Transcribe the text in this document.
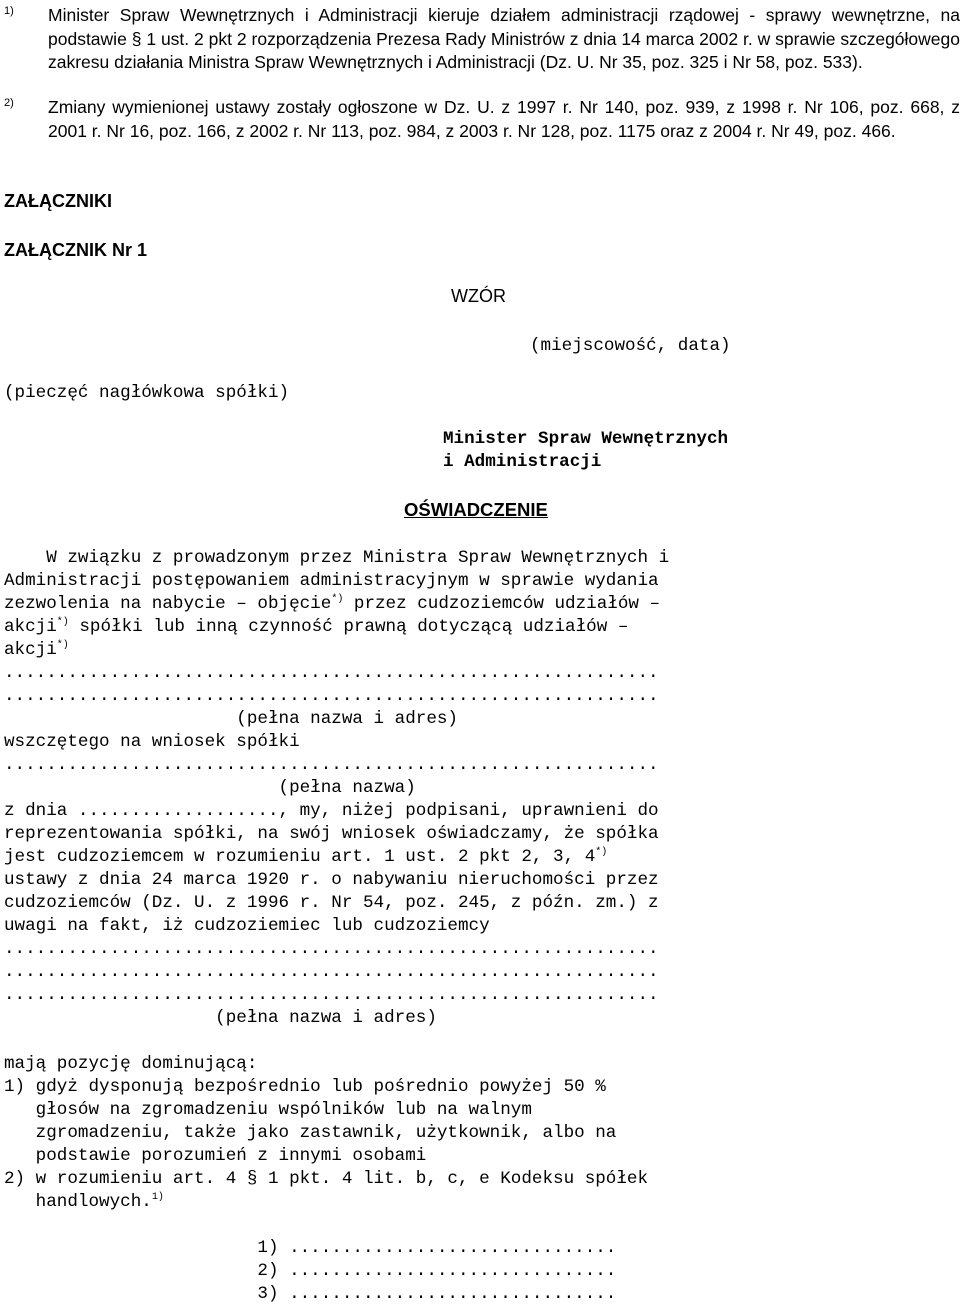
1) Minister Spraw Wewnętrznych i Administracji kieruje działem administracji rządowej - sprawy wewnętrzne, na podstawie § 1 ust. 2 pkt 2 rozporządzenia Prezesa Rady Ministrów z dnia 14 marca 2002 r. w sprawie szczegółowego zakresu działania Ministra Spraw Wewnętrznych i Administracji (Dz. U. Nr 35, poz. 325 i Nr 58, poz. 533).
2) Zmiany wymienionej ustawy zostały ogłoszone w Dz. U. z 1997 r. Nr 140, poz. 939, z 1998 r. Nr 106, poz. 668, z 2001 r. Nr 16, poz. 166, z 2002 r. Nr 113, poz. 984, z 2003 r. Nr 128, poz. 1175 oraz z 2004 r. Nr 49, poz. 466.
ZAŁĄCZNIKI
ZAŁĄCZNIK Nr 1
WZÓR
(miejscowość, data)
(pieczęć nagłówkowa spółki)
Minister Spraw Wewnętrznych
i Administracji
OŚWIADCZENIE
W związku z prowadzonym przez Ministra Spraw Wewnętrznych i
Administracji postępowaniem administracyjnym w sprawie wydania
zezwolenia na nabycie – objęcie*) przez cudzoziemców udziałów –
akcji*) spółki lub inną czynność prawną dotyczącą udziałów –
akcji*)
..............................................................
..............................................................
(pełna nazwa i adres)
wszczętego na wniosek spółki
..............................................................
(pełna nazwa)
z dnia ..................., my, niżej podpisani, uprawnieni do
reprezentowania spółki, na swój wniosek oświadczamy, że spółka
jest cudzoziemcem w rozumieniu art. 1 ust. 2 pkt 2, 3, 4*)
ustawy z dnia 24 marca 1920 r. o nabywaniu nieruchomości przez
cudzoziemców (Dz. U. z 1996 r. Nr 54, poz. 245, z późn. zm.) z
uwagi na fakt, iż cudzoziemiec lub cudzoziemcy
..............................................................
..............................................................
..............................................................
(pełna nazwa i adres)
mają pozycję dominującą:
1) gdyż dysponują bezpośrednio lub pośrednio powyżej 50 %
głosów na zgromadzeniu wspólników lub na walnym
zgromadzeniu, także jako zastawnik, użytkownik, albo na
podstawie porozumień z innymi osobami
2) w rozumieniu art. 4 § 1 pkt. 4 lit. b, c, e Kodeksu spółek
handlowych.$^{1)}$
1) ...............................
2) ...............................
3) ...............................
